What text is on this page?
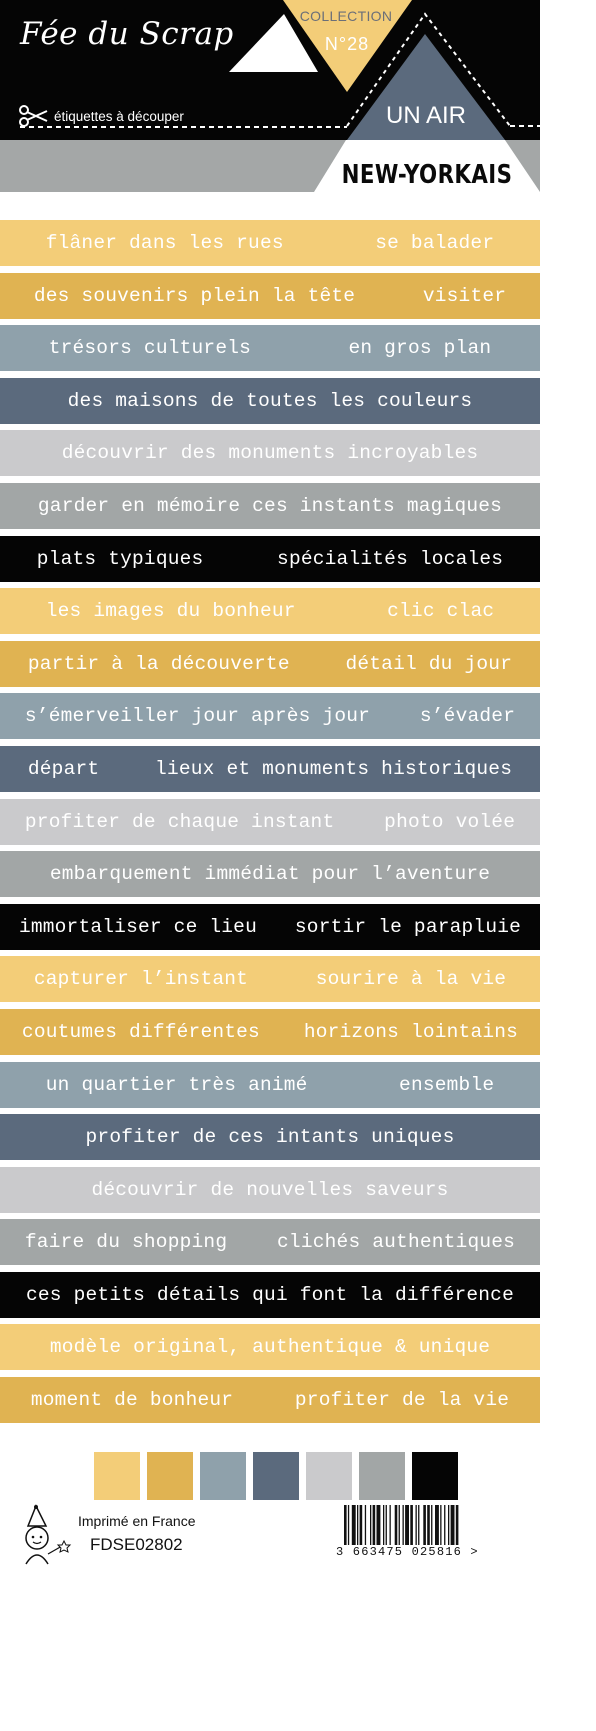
Fée du Scrap
étiquettes à découper
COLLECTION
N°28
UN AIR
NEW-YORKAIS
flâner dans les rues	se balader
des souvenirs plein la tête	visiter
trésors culturels	en gros plan
des maisons de toutes les couleurs
découvrir des monuments incroyables
garder en mémoire ces instants magiques
plats typiques	spécialités locales
les images du bonheur	clic clac
partir à la découverte	détail du jour
s’émerveiller jour après jour	s’évader
départ	lieux et monuments historiques
profiter de chaque instant	photo volée
embarquement immédiat pour l’aventure
immortaliser ce lieu sortir le parapluie
capturer l’instant	sourire à la vie
coutumes différentes horizons lointains
un quartier très animé	ensemble
profiter de ces intants uniques
découvrir de nouvelles saveurs
faire du shopping	clichés authentiques
ces petits détails qui font la différence
modèle original, authentique & unique
moment de bonheur	profiter de la vie
Imprimé en France
FDSE02802	3 663475 025816 >
